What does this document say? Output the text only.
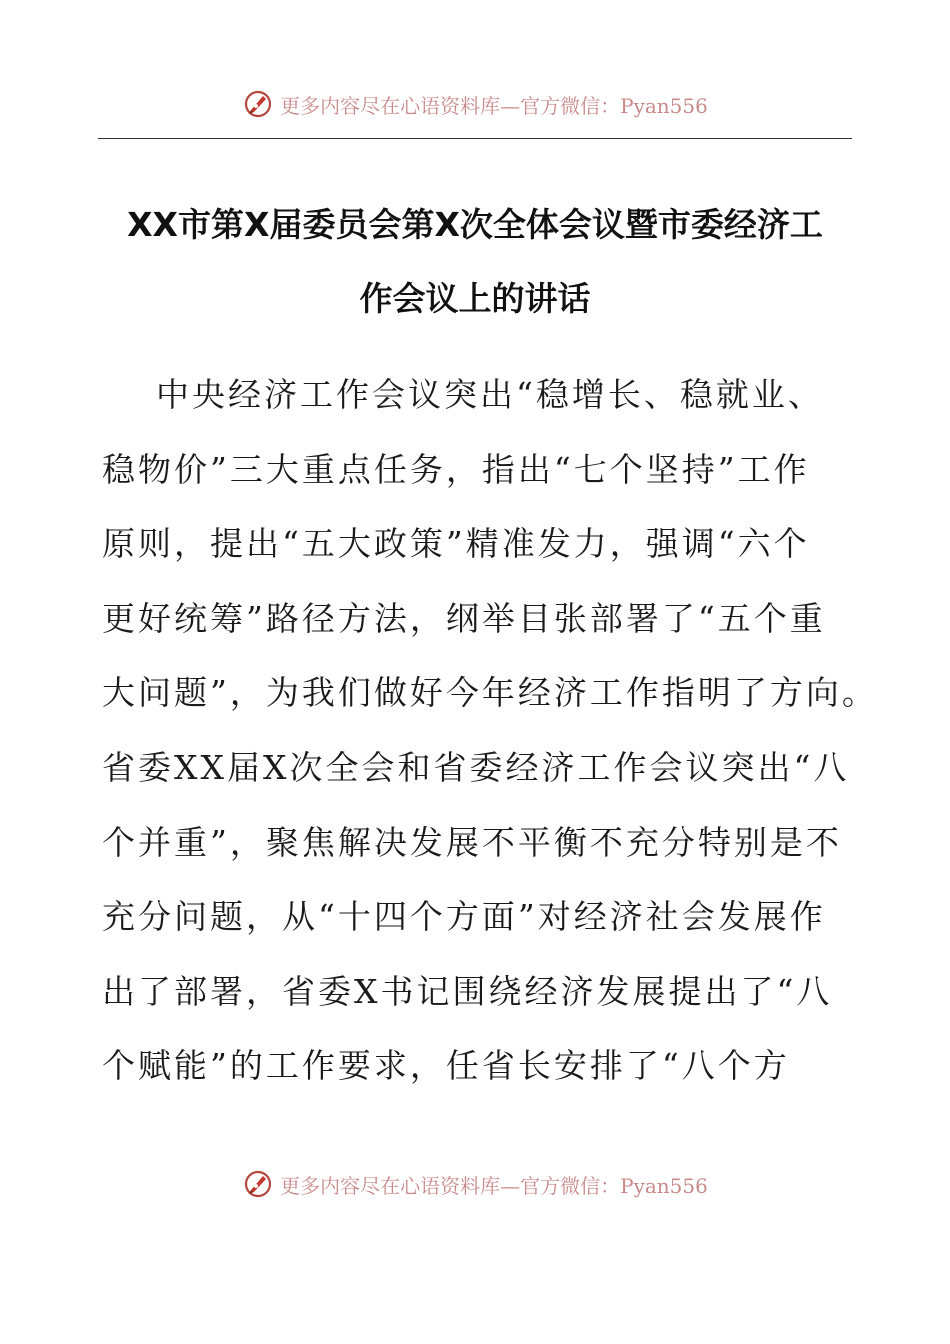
更多内容尽在心语资料库—官方微信：Pyan556
XX市第X届委员会第X次全体会议暨市委经济工
作会议上的讲话
中央经济工作会议突出“稳增长、稳就业、
稳物价”三大重点任务，指出“七个坚持”工作
原则，提出“五大政策”精准发力，强调“六个
更好统筹”路径方法，纲举目张部署了“五个重
大问题”，为我们做好今年经济工作指明了方向。
省委XX届X次全会和省委经济工作会议突出“八
个并重”，聚焦解决发展不平衡不充分特别是不
充分问题，从“十四个方面”对经济社会发展作
出了部署，省委X书记围绕经济发展提出了“八
个赋能”的工作要求，任省长安排了“八个方
更多内容尽在心语资料库—官方微信：Pyan556
